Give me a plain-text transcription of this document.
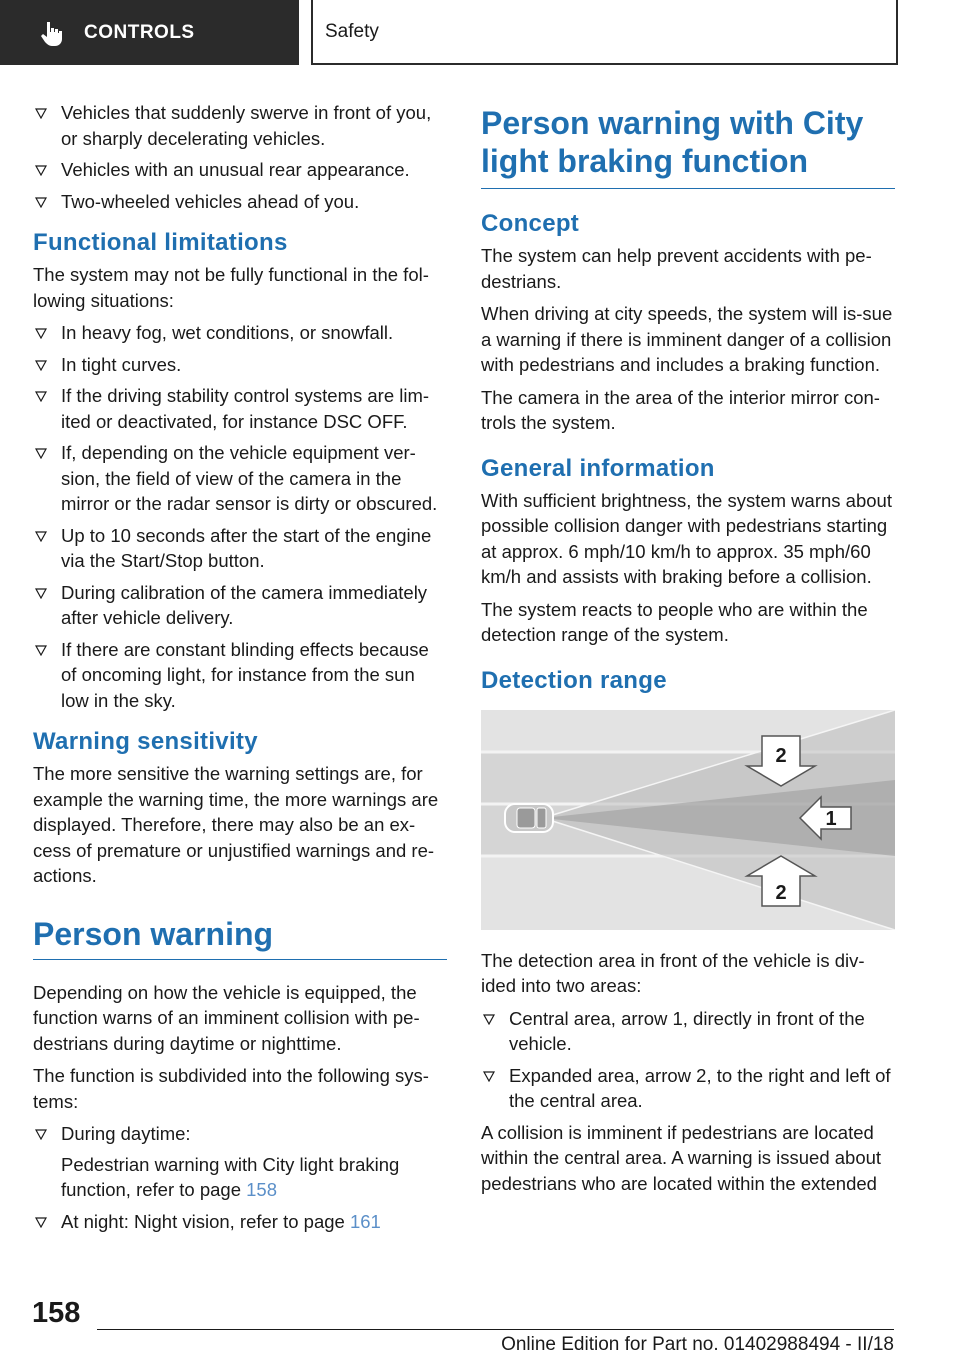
CONTROLS	Safety
Vehicles that suddenly swerve in front of you, or sharply decelerating vehicles.
Vehicles with an unusual rear appearance.
Two-wheeled vehicles ahead of you.
Functional limitations

The system may not be fully functional in the fol‐lowing situations:

In heavy fog, wet conditions, or snowfall.
In tight curves.
If the driving stability control systems are lim‐ited or deactivated, for instance DSC OFF.
If, depending on the vehicle equipment ver‐sion, the field of view of the camera in the mirror or the radar sensor is dirty or obscured.
Up to 10 seconds after the start of the engine via the Start/Stop button.
During calibration of the camera immediately after vehicle delivery.
If there are constant blinding effects because of oncoming light, for instance from the sun low in the sky.
Warning sensitivity

The more sensitive the warning settings are, for example the warning time, the more warnings are displayed. Therefore, there may also be an ex‐cess of premature or unjustified warnings and re‐actions.

Person warning

Depending on how the vehicle is equipped, the function warns of an imminent collision with pe‐destrians during daytime or nighttime.

The function is subdivided into the following sys‐tems:

During daytime:
Pedestrian warning with City light braking function, refer to page 158
At night: Night vision, refer to page 161
Person warning with City light braking function
Concept

The system can help prevent accidents with pe‐destrians.

When driving at city speeds, the system will is‐sue a warning if there is imminent danger of a collision with pedestrians and includes a braking function.

The camera in the area of the interior mirror con‐trols the system.

General information

With sufficient brightness, the system warns about possible collision danger with pedestrians starting at approx. 6 mph/10 km/h to approx. 35 mph/60 km/h and assists with braking before a collision.

The system reacts to people who are within the detection range of the system.

Detection range
2
1
2

The detection area in front of the vehicle is div‐ided into two areas:

Central area, arrow 1, directly in front of the vehicle.
Expanded area, arrow 2, to the right and left of the central area.

A collision is imminent if pedestrians are located within the central area. A warning is issued about pedestrians who are located within the extended

158
Online Edition for Part no. 01402988494 - II/18
